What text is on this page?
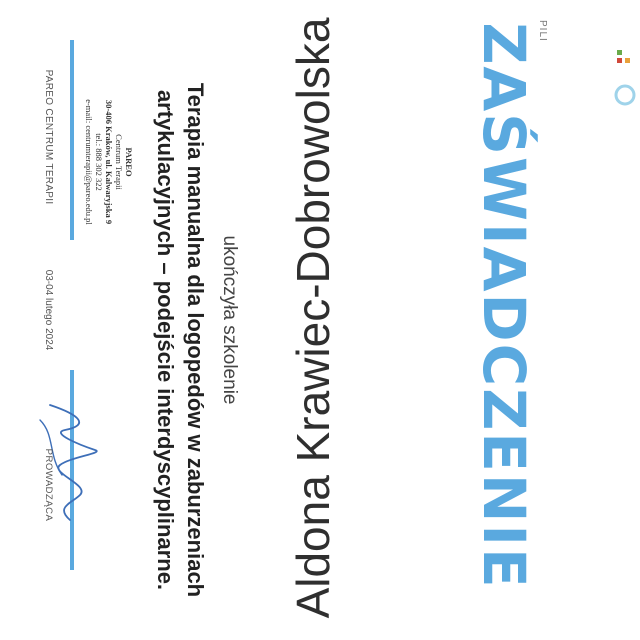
PILI
ZAŚWIADCZENIE
Aldona Krawiec-Dobrowolska
ukończyła szkolenie
Terapia manualna dla logopedów w zaburzeniach artykulacyjnych – podejście interdyscyplinarne.
PAREO
Centrum Terapii
30-406 Kraków, ul. Kalwaryjska 9
tel.: 888 302 322
e-mail: centrumterapii@pareo.edu.pl
PAREO CENTRUM TERAPII
03-04 lutego 2024
PROWADZĄCA
